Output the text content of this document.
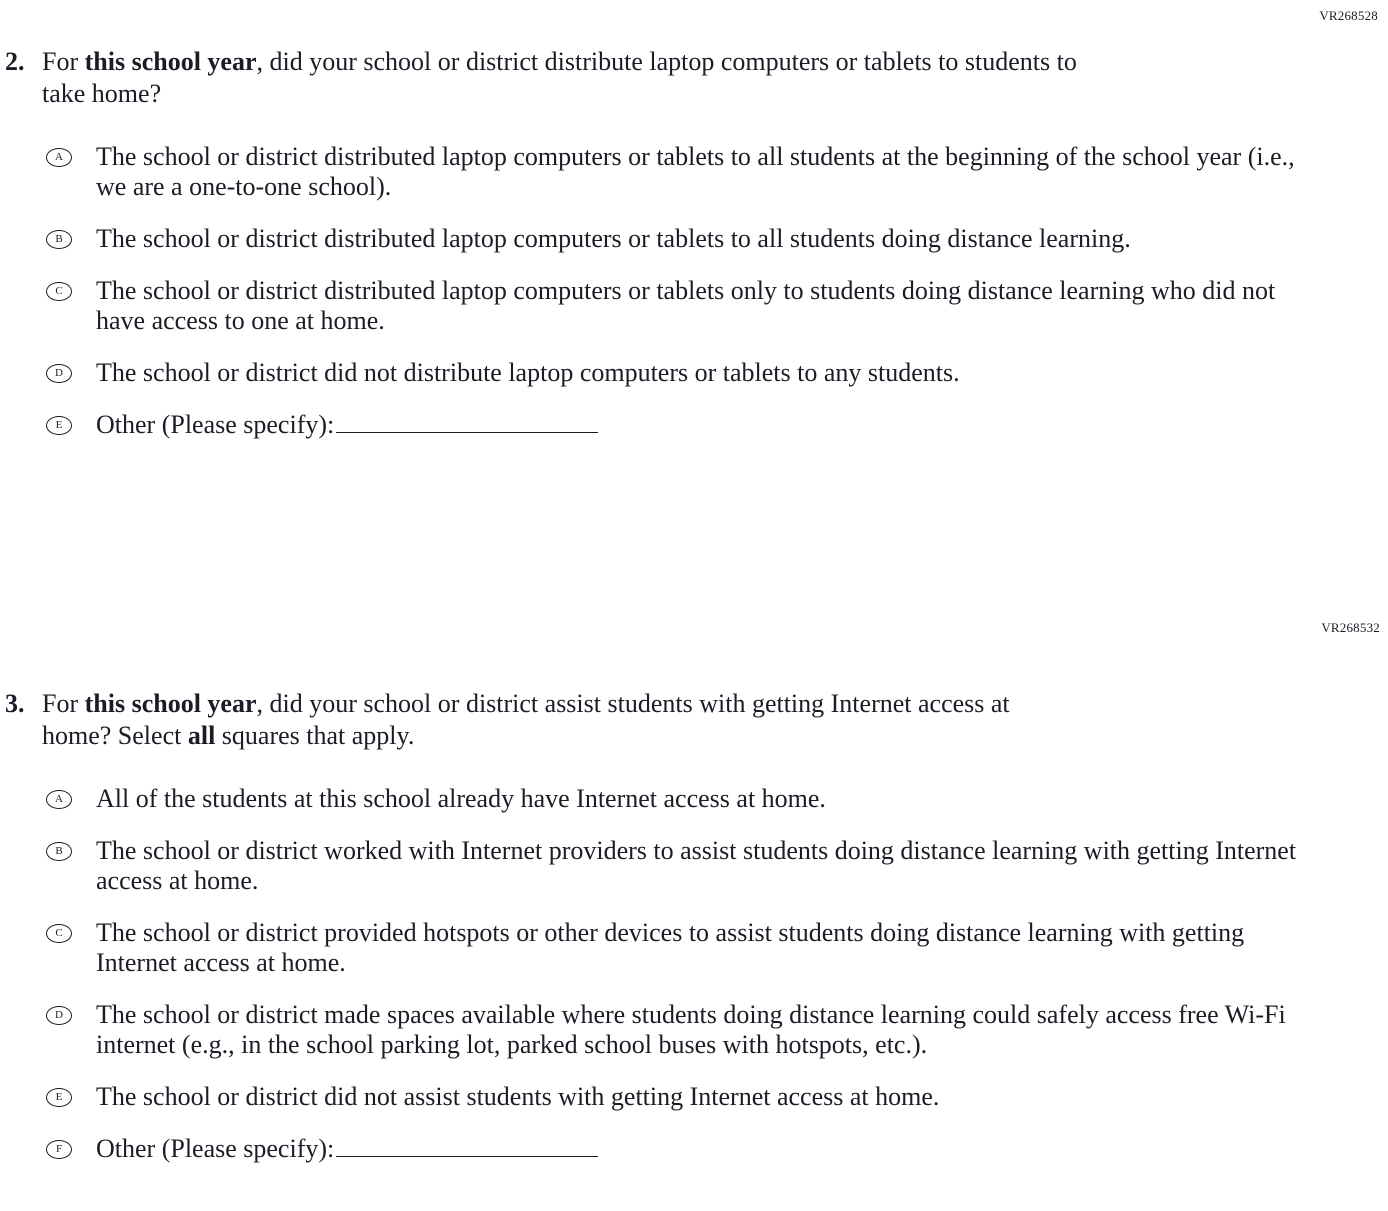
VR268528
VR268532
2. For this school year, did your school or district distribute laptop computers or tablets to students to take home?
A The school or district distributed laptop computers or tablets to all students at the beginning of the school year (i.e., we are a one-to-one school).
B The school or district distributed laptop computers or tablets to all students doing distance learning.
C The school or district distributed laptop computers or tablets only to students doing distance learning who did not have access to one at home.
D The school or district did not distribute laptop computers or tablets to any students.
E Other (Please specify):
3. For this school year, did your school or district assist students with getting Internet access at home? Select all squares that apply.
A All of the students at this school already have Internet access at home.
B The school or district worked with Internet providers to assist students doing distance learning with getting Internet access at home.
C The school or district provided hotspots or other devices to assist students doing distance learning with getting Internet access at home.
D The school or district made spaces available where students doing distance learning could safely access free Wi-Fi internet (e.g., in the school parking lot, parked school buses with hotspots, etc.).
E The school or district did not assist students with getting Internet access at home.
F Other (Please specify):
